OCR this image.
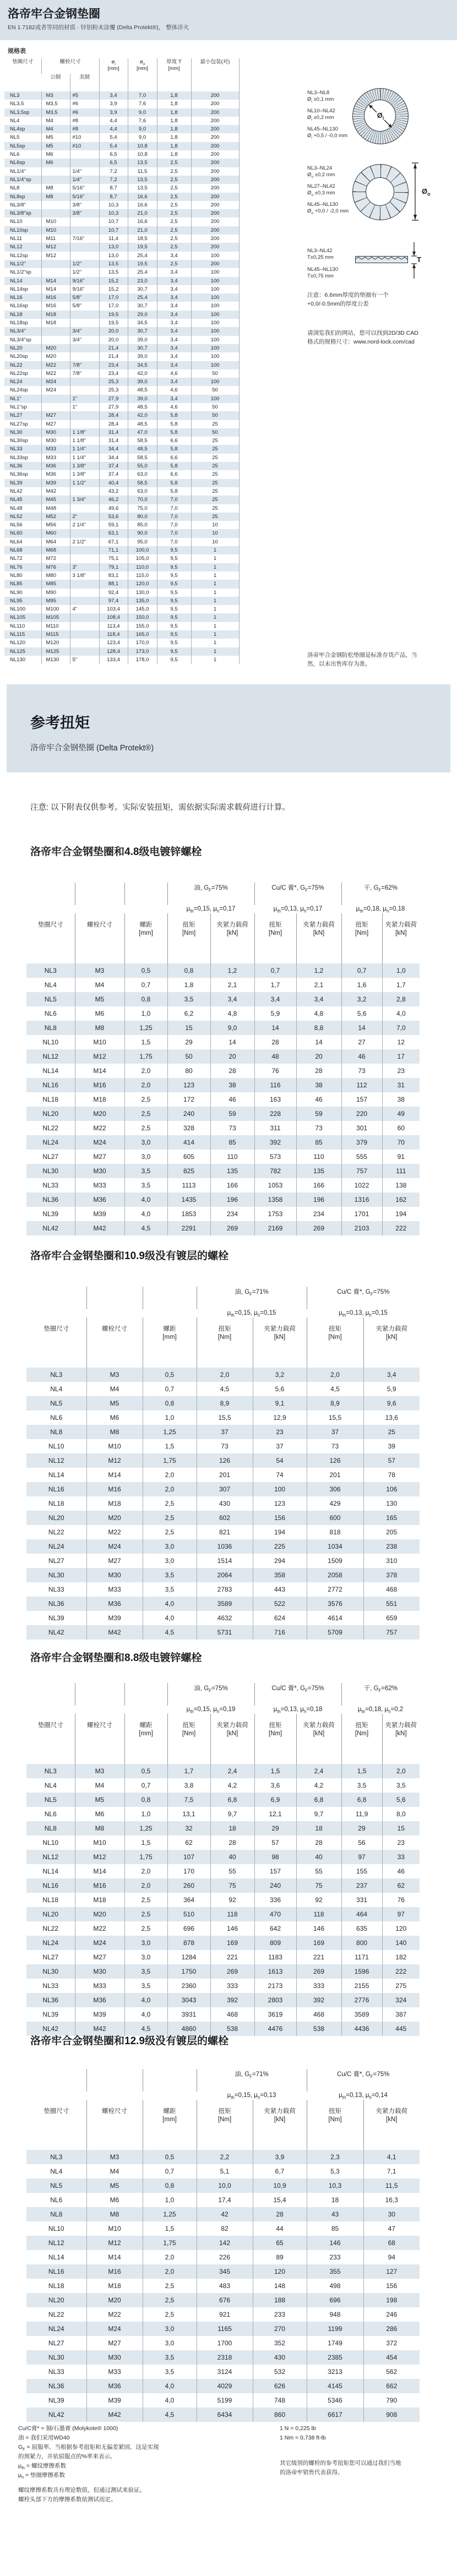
洛帝牢合金钢垫圈
EN 1.7182或者等同的材质 · 锌铝粉末涂覆 (Delta Protekt®)， 整体淬火
规格表
垫圈尺寸	螺栓尺寸		$ø_i$
[mm]	$ø_o$
[mm]	厚度 T
[mm]	最小包装(对)
	公制	美制				
NL3	M3	#5	3,4	7,0	1,8	200
NL3,5	M3,5	#6	3,9	7,6	1,8	200
NL3,5sp	M3,5	#6	3,9	9,0	1,8	200
NL4	M4	#8	4,4	7,6	1,8	200
NL4sp	M4	#8	4,4	9,0	1,8	200
NL5	M5	#10	5,4	9,0	1,8	200
NL5sp	M5	#10	5,4	10,8	1,8	200
NL6	M6		6,5	10,8	1,8	200
NL6sp	M6		6,5	13,5	2,5	200
NL1/4"		1/4"	7,2	11,5	2,5	200
NL1/4"sp		1/4"	7,2	13,5	2,5	200
NL8	M8	5/16"	8,7	13,5	2,5	200
NL8sp	M8	5/16"	8,7	16,6	2,5	200
NL3/8"		3/8"	10,3	16,6	2,5	200
NL3/8"sp		3/8"	10,3	21,0	2,5	200
NL10	M10		10,7	16,6	2,5	200
NL10sp	M10		10,7	21,0	2,5	200
NL11	M11	7/16"	11,4	18,5	2,5	200
NL12	M12		13,0	19,5	2,5	200
NL12sp	M12		13,0	25,4	3,4	100
NL1/2"		1/2"	13,5	19,5	2,5	200
NL1/2"sp		1/2"	13,5	25,4	3,4	100
NL14	M14	9/16"	15,2	23,0	3,4	100
NL14sp	M14	9/16"	15,2	30,7	3,4	100
NL16	M16	5/8"	17,0	25,4	3,4	100
NL16sp	M16	5/8"	17,0	30,7	3,4	100
NL18	M18		19,5	29,0	3,4	100
NL18sp	M18		19,5	34,5	3,4	100
NL3/4"		3/4"	20,0	30,7	3,4	100
NL3/4"sp		3/4"	20,0	39,0	3,4	100
NL20	M20		21,4	30,7	3,4	100
NL20sp	M20		21,4	39,0	3,4	100
NL22	M22	7/8"	23,4	34,5	3,4	100
NL22sp	M22	7/8"	23,4	42,0	4,6	50
NL24	M24		25,3	39,0	3,4	100
NL24sp	M24		25,3	48,5	4,6	50
NL1"		1"	27,9	39,0	3,4	100
NL1"sp		1"	27,9	48,5	4,6	50
NL27	M27		28,4	42,0	5,8	50
NL27sp	M27		28,4	48,5	5,8	25
NL30	M30	1 1/8"	31,4	47,0	5,8	50
NL30sp	M30	1 1/8"	31,4	58,5	6,6	25
NL33	M33	1 1/4"	34,4	48,5	5,8	25
NL33sp	M33	1 1/4"	34,4	58,5	6,6	25
NL36	M36	1 3/8"	37,4	55,0	5,8	25
NL36sp	M36	1 3/8"	37,4	63,0	6,6	25
NL39	M39	1 1/2"	40,4	58,5	5,8	25
NL42	M42		43,2	63,0	5,8	25
NL45	M45	1 3/4"	46,2	70,0	7,0	25
NL48	M48		49,6	75,0	7,0	25
NL52	M52	2"	53,6	80,0	7,0	25
NL56	M56	2 1/4"	59,1	85,0	7,0	10
NL60	M60		63,1	90,0	7,0	10
NL64	M64	2 1/2"	67,1	95,0	7,0	10
NL68	M68		71,1	100,0	9,5	1
NL72	M72		75,1	105,0	9,5	1
NL76	M76	3"	79,1	110,0	9,5	1
NL80	M80	3 1/8"	83,1	115,0	9,5	1
NL85	M85		88,1	120,0	9,5	1
NL90	M90		92,4	130,0	9,5	1
NL95	M95		97,4	135,0	9,5	1
NL100	M100	4"	103,4	145,0	9,5	1
NL105	M105		108,4	150,0	9,5	1
NL110	M110		113,4	155,0	9,5	1
NL115	M115		118,4	165,0	9,5	1
NL120	M120		123,4	170,0	9,5	1
NL125	M125		128,4	173,0	9,5	1
NL130	M130	5"	133,4	178,0	9,5	1
NL3–NL8
$Ø_i \pm 0,1$ mm
NL10–NL42
$Ø_i \pm 0,2$ mm
NL45–NL130
$Ø_i +0,5 / -0,0$ mm
$Ø_i$
NL3–NL24
$Ø_o \pm 0,2$ mm
NL27–NL42
$Ø_o \pm 0,3$ mm
NL45–NL130
$Ø_o +0,0 / -2,0$ mm
$Ø_o$
NL3–NL42
T±0,25 mm
NL45–NL130
T±0,75 mm
T
注意：6.6mm厚度的垫圈有一个
+0,0/-0.5mm的厚度公差
请浏览我们的网站，您可以找到2D/3D CAD
格式的规格尺寸：www.nord-lock.com/cad
洛帝牢合金钢防松垫圈是标准存货产品，当
然，以未出售库存为准。
参考扭矩
洛帝牢合金钢垫圈 (Delta Protekt®)
注意: 以下附表仅供参考。实际安装扭矩，需依据实际需求载荷进行计算。
洛帝牢合金钢垫圈和4.8级电镀锌螺栓
			油, $G_F=75\%$		Cu/C 膏*, $G_F=75\%$		干, $G_F=62\%$	
			$\mu_{th}=0,15$, $\mu_h=0,17$		$\mu_{th}=0,13$, $\mu_h=0,17$		$\mu_{th}=0,18$, $\mu_h=0,18$	
垫圈尺寸	螺栓尺寸	螺距
[mm]	扭矩
[Nm]	夹紧力载荷
[kN]	扭矩
[Nm]	夹紧力载荷
[kN]	扭矩
[Nm]	夹紧力载荷
[kN]
NL3	M3	0,5	0,8	1,2	0,7	1,2	0,7	1,0
NL4	M4	0,7	1,8	2,1	1,7	2,1	1,6	1,7
NL5	M5	0,8	3,5	3,4	3,4	3,4	3,2	2,8
NL6	M6	1,0	6,2	4,8	5,9	4,8	5,6	4,0
NL8	M8	1,25	15	9,0	14	8,8	14	7,0
NL10	M10	1,5	29	14	28	14	27	12
NL12	M12	1,75	50	20	48	20	46	17
NL14	M14	2,0	80	28	76	28	73	23
NL16	M16	2,0	123	38	116	38	112	31
NL18	M18	2,5	172	46	163	46	157	38
NL20	M20	2,5	240	59	228	59	220	49
NL22	M22	2,5	328	73	311	73	301	60
NL24	M24	3,0	414	85	392	85	379	70
NL27	M27	3,0	605	110	573	110	555	91
NL30	M30	3,5	825	135	782	135	757	111
NL33	M33	3,5	1113	166	1053	166	1022	138
NL36	M36	4,0	1435	196	1358	196	1316	162
NL39	M39	4,0	1853	234	1753	234	1701	194
NL42	M42	4,5	2291	269	2169	269	2103	222
洛帝牢合金钢垫圈和10.9级没有镀层的螺栓
			油, $G_F=71\%$		Cu/C 膏*, $G_F=75\%$	
			$\mu_{th}=0,15$, $\mu_h=0,15$		$\mu_{th}=0,13$, $\mu_h=0,15$	
垫圈尺寸	螺栓尺寸	螺距
[mm]	扭矩
[Nm]	夹紧力载荷
[kN]	扭矩
[Nm]	夹紧力载荷
[kN]
NL3	M3	0,5	2,0	3,2	2,0	3,4
NL4	M4	0,7	4,5	5,6	4,5	5,9
NL5	M5	0,8	8,9	9,1	8,9	9,6
NL6	M6	1,0	15,5	12,9	15,5	13,6
NL8	M8	1,25	37	23	37	25
NL10	M10	1,5	73	37	73	39
NL12	M12	1,75	126	54	126	57
NL14	M14	2,0	201	74	201	78
NL16	M16	2,0	307	100	306	106
NL18	M18	2,5	430	123	429	130
NL20	M20	2,5	602	156	600	165
NL22	M22	2,5	821	194	818	205
NL24	M24	3,0	1036	225	1034	238
NL27	M27	3,0	1514	294	1509	310
NL30	M30	3,5	2064	358	2058	378
NL33	M33	3,5	2783	443	2772	468
NL36	M36	4,0	3589	522	3576	551
NL39	M39	4,0	4632	624	4614	659
NL42	M42	4,5	5731	716	5709	757
洛帝牢合金钢垫圈和8.8级电镀锌螺栓
			油, $G_F=75\%$		Cu/C 膏*, $G_F=75\%$		干, $G_F=62\%$	
			$\mu_{th}=0,15$, $\mu_h=0,19$		$\mu_{th}=0,13$, $\mu_h=0,18$		$\mu_{th}=0,18$, $\mu_h=0,2$	
垫圈尺寸	螺栓尺寸	螺距
[mm]	扭矩
[Nm]	夹紧力载荷
[kN]	扭矩
[Nm]	夹紧力载荷
[kN]	扭矩
[Nm]	夹紧力载荷
[kN]
NL3	M3	0,5	1,7	2,4	1,5	2,4	1,5	2,0
NL4	M4	0,7	3,8	4,2	3,6	4,2	3,5	3,5
NL5	M5	0,8	7,5	6,8	6,9	6,8	6,8	5,6
NL6	M6	1,0	13,1	9,7	12,1	9,7	11,9	8,0
NL8	M8	1,25	32	18	29	18	29	15
NL10	M10	1,5	62	28	57	28	56	23
NL12	M12	1,75	107	40	98	40	97	33
NL14	M14	2,0	170	55	157	55	155	46
NL16	M16	2,0	260	75	240	75	237	62
NL18	M18	2,5	364	92	336	92	331	76
NL20	M20	2,5	510	118	470	118	464	97
NL22	M22	2,5	696	146	642	146	635	120
NL24	M24	3,0	878	169	809	169	800	140
NL27	M27	3,0	1284	221	1183	221	1171	182
NL30	M30	3,5	1750	269	1613	269	1596	222
NL33	M33	3,5	2360	333	2173	333	2155	275
NL36	M36	4,0	3043	392	2803	392	2776	324
NL39	M39	4,0	3931	468	3619	468	3589	387
NL42	M42	4,5	4860	538	4476	538	4436	445
洛帝牢合金钢垫圈和12.9级没有镀层的螺栓
			油, $G_F=71\%$		Cu/C 膏*, $G_F=75\%$	
			$\mu_{th}=0,15$, $\mu_h=0,13$		$\mu_{th}=0,13$, $\mu_h=0,14$	
垫圈尺寸	螺栓尺寸	螺距
[mm]	扭矩
[Nm]	夹紧力载荷
[kN]	扭矩
[Nm]	夹紧力载荷
[kN]
NL3	M3	0,5	2,2	3,9	2,3	4,1
NL4	M4	0,7	5,1	6,7	5,3	7,1
NL5	M5	0,8	10,0	10,9	10,3	11,5
NL6	M6	1,0	17,4	15,4	18	16,3
NL8	M8	1,25	42	28	43	30
NL10	M10	1,5	82	44	85	47
NL12	M12	1,75	142	65	146	68
NL14	M14	2,0	226	89	233	94
NL16	M16	2,0	345	120	355	127
NL18	M18	2,5	483	148	498	156
NL20	M20	2,5	676	188	696	198
NL22	M22	2,5	921	233	948	246
NL24	M24	3,0	1165	270	1199	286
NL27	M27	3,0	1700	352	1749	372
NL30	M30	3,5	2318	430	2385	454
NL33	M33	3,5	3124	532	3213	562
NL36	M36	4,0	4029	626	4145	662
NL39	M39	4,0	5199	748	5346	790
NL42	M42	4,5	6434	860	6617	908
Cu/C膏* = 铜/石墨膏 (Molykote® 1000)
油 = 我们采用WD40
$G_F$ = 屈服率。当根据参考扭矩和无偏差紧固，这是实现
的预紧力，并依屈服点的%率来表示。
$\mu_{th}$ = 螺纹摩擦系数
$\mu_h$ = 垫圈摩擦系数
螺纹摩擦系数具有理论数值，但通过测试来验证。
螺栓头部下方的摩擦系数依测试而定。
1 N = 0,225 lb
1 Nm = 0,738 ft-lb
其它级别的螺栓的参考扭矩您可以通过我们当地
的洛帝牢销售代表获得。
